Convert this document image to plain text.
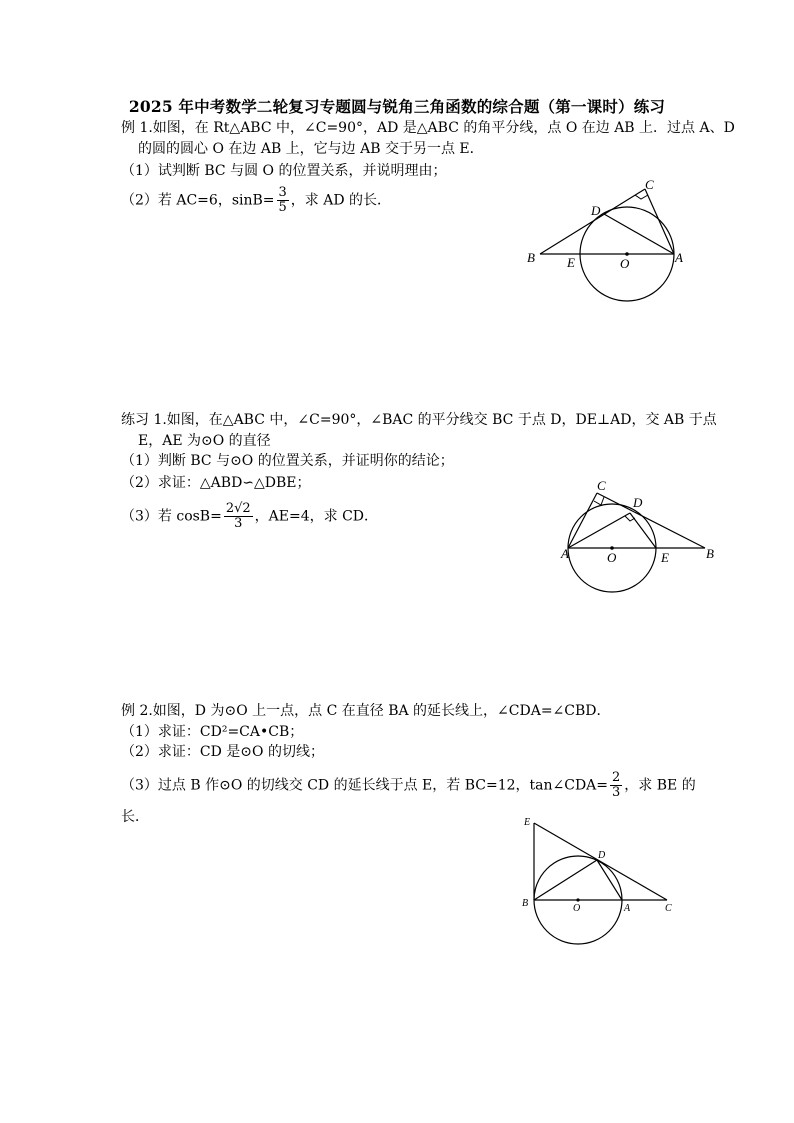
2025 年中考数学二轮复习专题圆与锐角三角函数的综合题（第一课时）练习
例 1.如图，在 Rt△ABC 中，∠C=90°，AD 是△ABC 的角平分线，点 O 在边 AB 上．过点 A、D
的圆的圆心 O 在边 AB 上，它与边 AB 交于另一点 E．
（1）试判断 BC 与圆 O 的位置关系，并说明理由；
（2）若 AC=6，$\sin B= \frac{3}{5}$ ，求 AD 的长．
B E	O	A
D
C
练习 1.如图，在△ABC 中，∠C=90°，∠BAC 的平分线交 BC 于点 D，DE⊥AD，交 AB 于点
E，AE 为⊙O 的直径
（1）判断 BC 与⊙O 的位置关系，并证明你的结论；
（2）求证：△ABD∽△DBE；
（3）若 $\cos B= \frac{2√2}{3}$ ，AE=4，求 CD．
A	O	E	B
C
D
例 2.如图，D 为⊙O 上一点，点 C 在直径 BA 的延长线上，∠CDA=∠CBD．
（1）求证：CD²=CA•CB；
（2）求证：CD 是⊙O 的切线；
（3）过点 B 作⊙O 的切线交 CD 的延长线于点 E，若 BC=12，tan∠CDA= $\frac{2}{3}$ ，求 BE 的
长．	E
D
B	O	A	C
